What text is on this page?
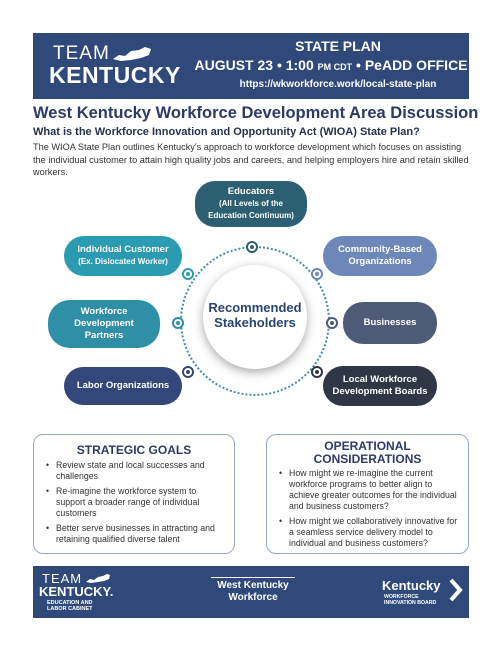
TEAM
KENTUCKY
STATE PLAN
AUGUST 23 • 1:00 PM CDT • PeADD OFFICE
https://wkworkforce.work/local-state-plan
West Kentucky Workforce Development Area Discussion
What is the Workforce Innovation and Opportunity Act (WIOA) State Plan?
The WIOA State Plan outlines Kentucky's approach to workforce development which focuses on assisting the individual customer to attain high quality jobs and careers, and helping employers hire and retain skilled workers.
Recommended
Stakeholders
Educators
(All Levels of the
Education Continuum)
Individual Customer
(Ex. Dislocated Worker)
Community-Based
Organizations
Workforce
Development
Partners
Businesses
Labor Organizations
Local Workforce
Development Boards
STRATEGIC GOALS
• Review state and local successes and challenges
• Re-imagine the workforce system to support a broader range of individual customers
• Better serve businesses in attracting and retaining qualified diverse talent
OPERATIONAL
CONSIDERATIONS
• How might we re-imagine the current workforce programs to better align to achieve greater outcomes for the individual and business customers?
• How might we collaboratively innovative for a seamless service delivery model to individual and business customers?
TEAM
KENTUCKY.
EDUCATION AND
LABOR CABINET
West Kentucky
Workforce
Kentucky
WORKFORCE
INNOVATION BOARD
